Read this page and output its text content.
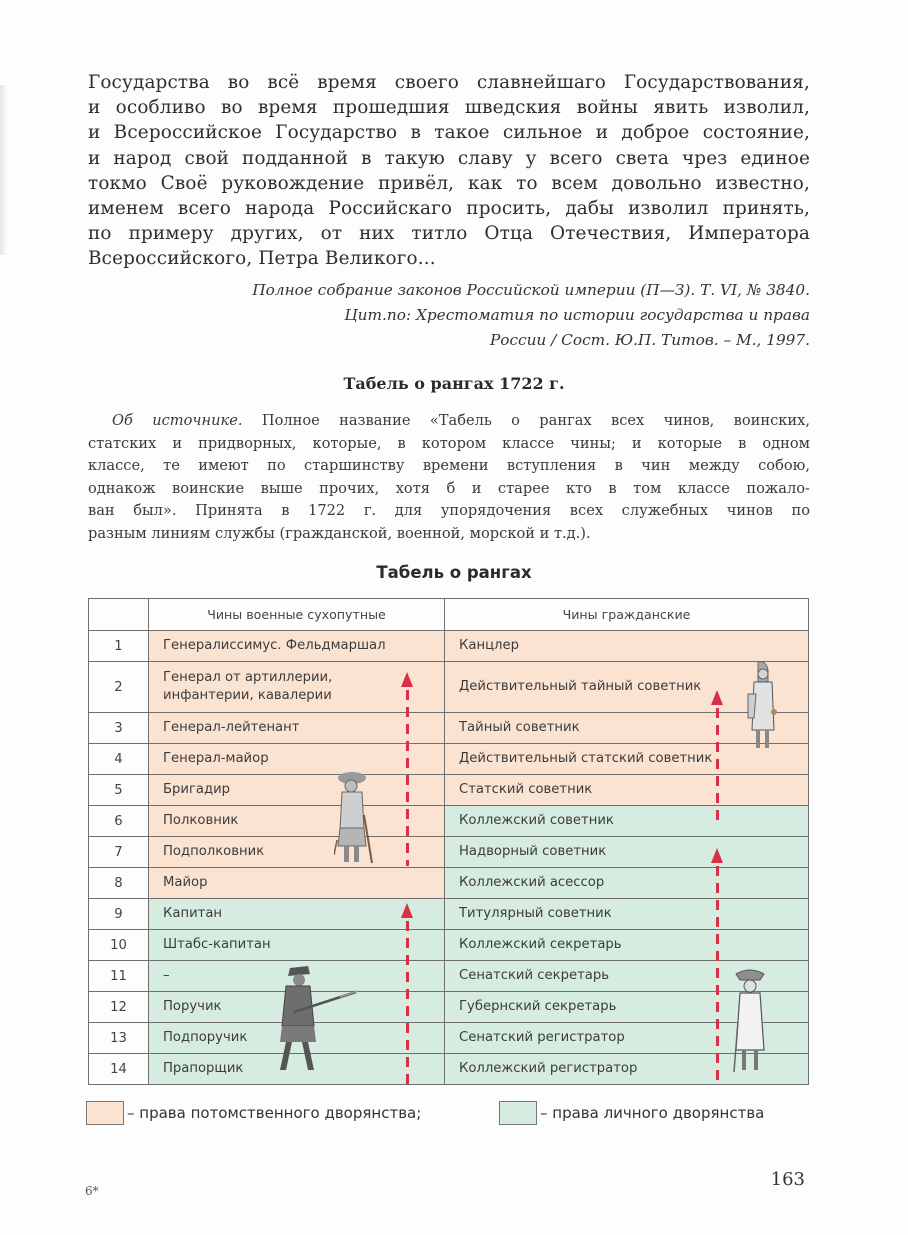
Государства во всё время своего славнейшаго Государствования,
и особливо во время прошедшия шведския войны явить изволил,
и Всероссийское Государство в такое сильное и доброе состояние,
и народ свой подданной в такую славу у всего света чрез единое
токмо Своё руковождение привёл, как то всем довольно известно,
именем всего народа Российскаго просить, дабы изволил принять,
по примеру других, от них титло Отца Отечествия, Императора
Всероссийского, Петра Великого...
Полное собрание законов Российской империи (П—З). Т. VI, № 3840.
Цит.по: Хрестоматия по истории государства и права
России / Сост. Ю.П. Титов. – М., 1997.
Табель о рангах 1722 г.
Об источнике. Полное название «Табель о рангах всех чинов, воинских,
статских и придворных, которые, в котором классе чины; и которые в одном
классе, те имеют по старшинству времени вступления в чин между собою,
однакож воинские выше прочих, хотя б и старее кто в том классе пожало-
ван был». Принята в 1722 г. для упорядочения всех служебных чинов по
разным линиям службы (гражданской, военной, морской и т.д.).
Табель о рангах
	Чины военные сухопутные	Чины гражданские
1	Генералиссимус. Фельдмаршал	Канцлер
2	Генерал от артиллерии,
инфантерии, кавалерии	Действительный тайный советник
3	Генерал-лейтенант	Тайный советник
4	Генерал-майор	Действительный статский советник
5	Бригадир	Статский советник
6	Полковник	Коллежский советник
7	Подполковник	Надворный советник
8	Майор	Коллежский асессор
9	Капитан	Титулярный советник
10	Штабс-капитан	Коллежский секретарь
11	–	Сенатский секретарь
12	Поручик	Губернский секретарь
13	Подпоручик	Сенатский регистратор
14	Прапорщик	Коллежский регистратор
– права потомственного дворянства;	– права личного дворянства
6*
163
